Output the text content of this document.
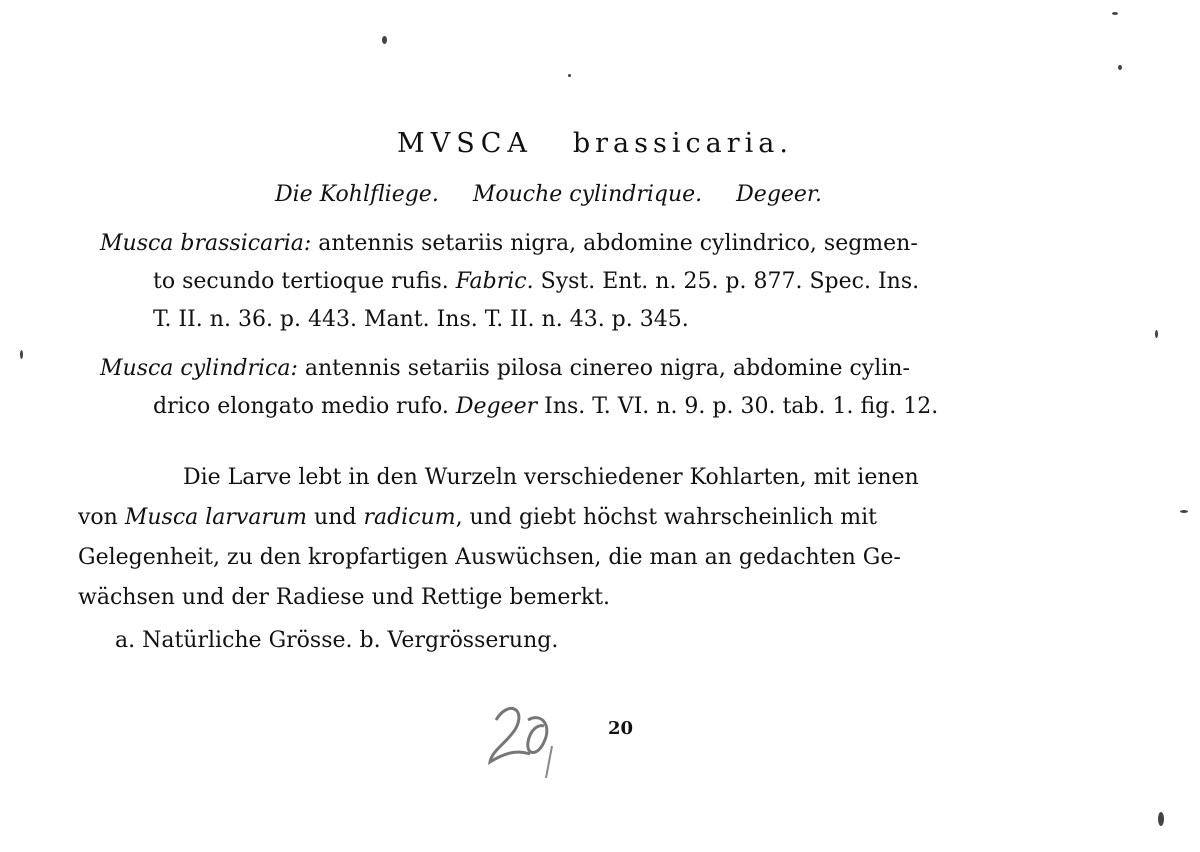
MVSCA brassicaria.
Die Kohlfliege. Mouche cylindrique. Degeer.
Musca brassicaria: antennis setariis nigra, abdomine cylindrico, segmen-
to secundo tertioque rufis. Fabric. Syst. Ent. n. 25. p. 877. Spec. Ins.
T. II. n. 36. p. 443. Mant. Ins. T. II. n. 43. p. 345.
Musca cylindrica: antennis setariis pilosa cinereo nigra, abdomine cylin-
drico elongato medio rufo. Degeer Ins. T. VI. n. 9. p. 30. tab. 1. fig. 12.
Die Larve lebt in den Wurzeln verschiedener Kohlarten, mit ienen
von Musca larvarum und radicum, und giebt höchst wahrscheinlich mit
Gelegenheit, zu den kropfartigen Auswüchsen, die man an gedachten Ge-
wächsen und der Radiese und Rettige bemerkt.
a. Natürliche Grösse. b. Vergrösserung.
20
